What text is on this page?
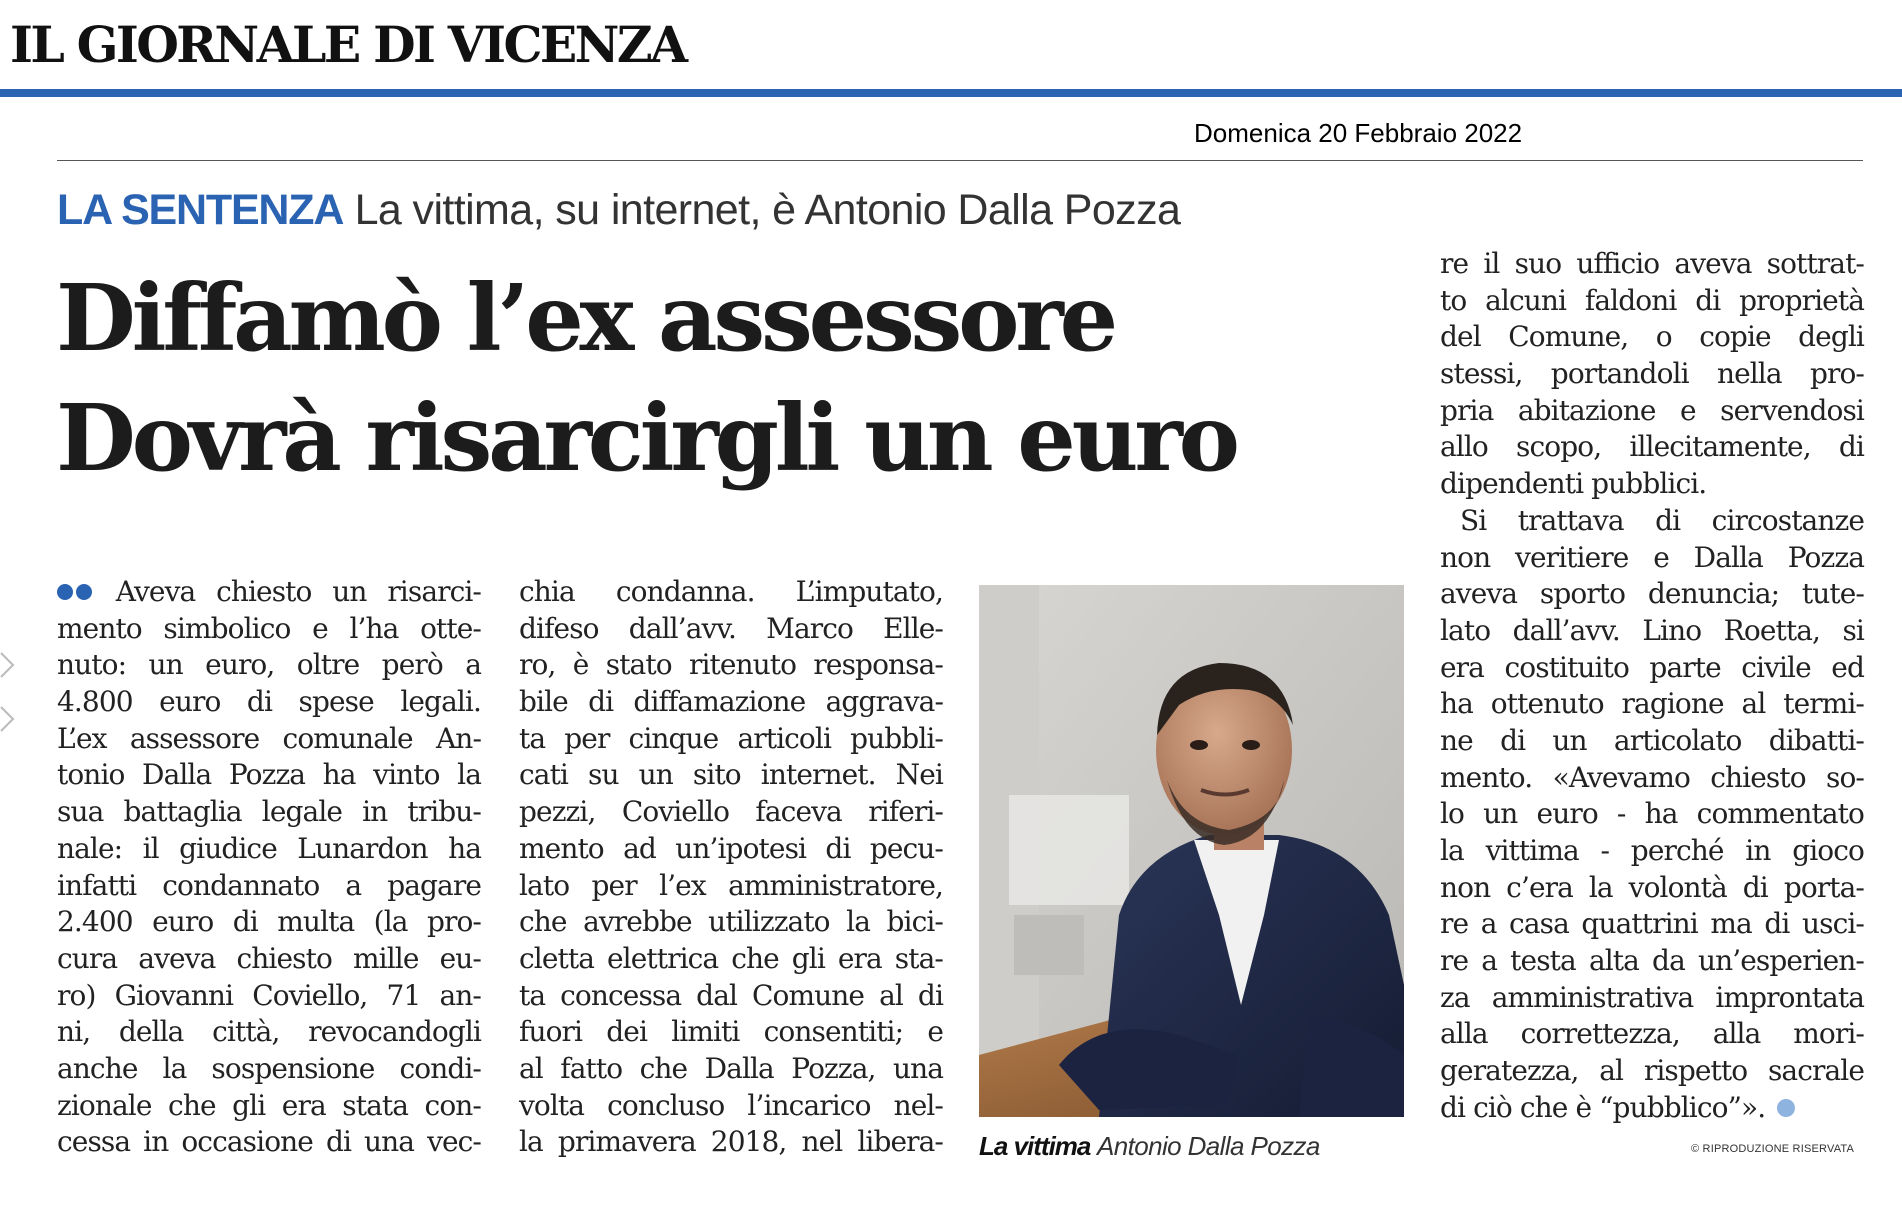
IL GIORNALE DI VICENZA
Domenica 20 Febbraio 2022
LA SENTENZA La vittima, su internet, è Antonio Dalla Pozza
Diffamò l’ex assessore
Dovrà risarcirgli un euro
Aveva chiesto un risarci-
mento simbolico e l’ha otte-
nuto: un euro, oltre però a
4.800 euro di spese legali.
L’ex assessore comunale An-
tonio Dalla Pozza ha vinto la
sua battaglia legale in tribu-
nale: il giudice Lunardon ha
infatti condannato a pagare
2.400 euro di multa (la pro-
cura aveva chiesto mille eu-
ro) Giovanni Coviello, 71 an-
ni, della città, revocandogli
anche la sospensione condi-
zionale che gli era stata con-
cessa in occasione di una vec-
chia condanna. L’imputato,
difeso dall’avv. Marco Elle-
ro, è stato ritenuto responsa-
bile di diffamazione aggrava-
ta per cinque articoli pubbli-
cati su un sito internet. Nei
pezzi, Coviello faceva riferi-
mento ad un’ipotesi di pecu-
lato per l’ex amministratore,
che avrebbe utilizzato la bici-
cletta elettrica che gli era sta-
ta concessa dal Comune al di
fuori dei limiti consentiti; e
al fatto che Dalla Pozza, una
volta concluso l’incarico nel-
la primavera 2018, nel libera-
re il suo ufficio aveva sottrat-
to alcuni faldoni di proprietà
del Comune, o copie degli
stessi, portandoli nella pro-
pria abitazione e servendosi
allo scopo, illecitamente, di
dipendenti pubblici.
Si trattava di circostanze
non veritiere e Dalla Pozza
aveva sporto denuncia; tute-
lato dall’avv. Lino Roetta, si
era costituito parte civile ed
ha ottenuto ragione al termi-
ne di un articolato dibatti-
mento. «Avevamo chiesto so-
lo un euro - ha commentato
la vittima - perché in gioco
non c’era la volontà di porta-
re a casa quattrini ma di usci-
re a testa alta da un’esperien-
za amministrativa improntata
alla correttezza, alla mori-
geratezza, al rispetto sacrale
di ciò che è “pubblico”».
La vittima Antonio Dalla Pozza	© RIPRODUZIONE RISERVATA
